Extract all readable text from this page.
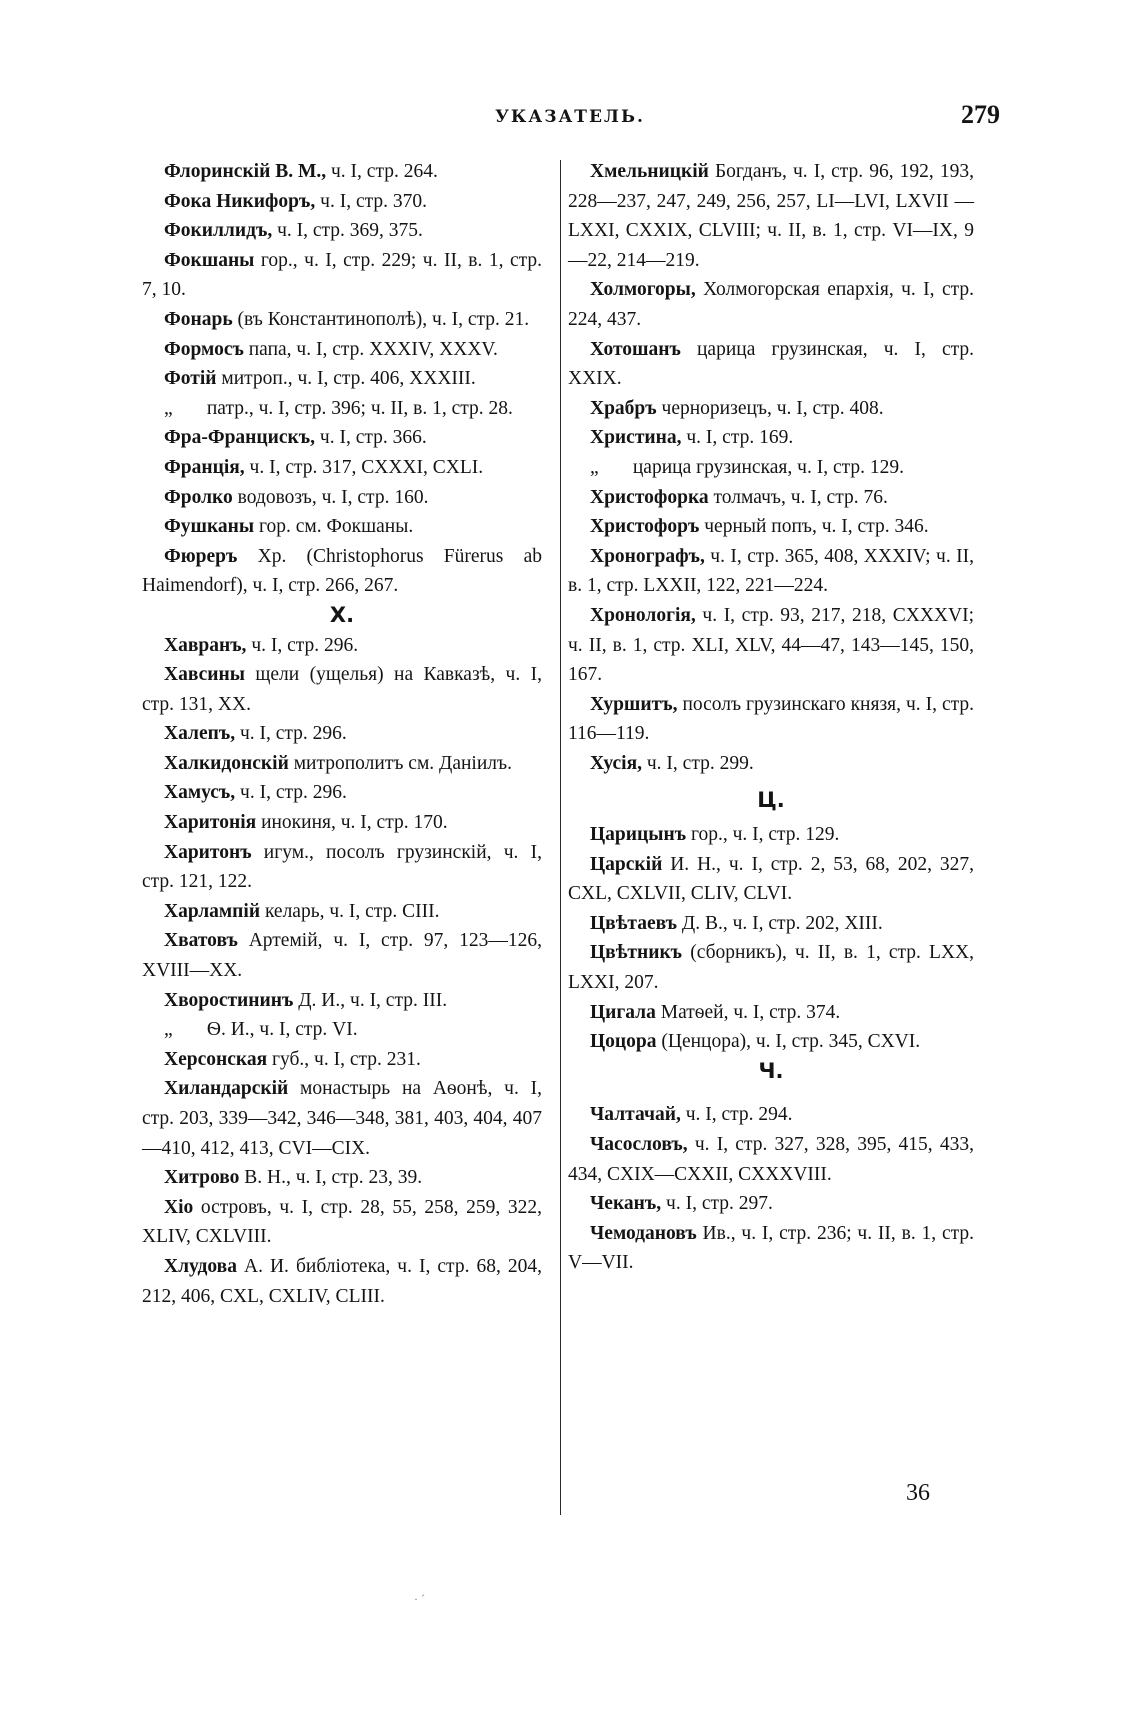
УКАЗАТЕЛЬ.	279
Флоринскій В. М., ч. I, стр. 264.
Фока Никифоръ, ч. I, стр. 370.
Фокиллидъ, ч. I, стр. 369, 375.
Фокшаны гор., ч. I, стр. 229; ч. II, в. 1, стр. 7, 10.
Фонарь (въ Константинополѣ), ч. I, стр. 21.
Формосъ папа, ч. I, стр. XXXIV, XXXV.
Фотій митроп., ч. I, стр. 406, XXXIII.
„ патр., ч. I, стр. 396; ч. II, в. 1, стр. 28.
Фра-Францискъ, ч. I, стр. 366.
Франція, ч. I, стр. 317, CXXXI, CXLI.
Фролко водовозъ, ч. I, стр. 160.
Фушканы гор. см. Фокшаны.
Фюреръ Хр. (Christophorus Fürerus ab Haimendorf), ч. I, стр. 266, 267.
X.
Хавранъ, ч. I, стр. 296.
Хавсины щели (ущелья) на Кавказѣ, ч. I, стр. 131, XX.
Халепъ, ч. I, стр. 296.
Халкидонскій митрополитъ см. Даніилъ.
Хамусъ, ч. I, стр. 296.
Харитонія инокиня, ч. I, стр. 170.
Харитонъ игум., посолъ грузинскій, ч. I, стр. 121, 122.
Харлампій келарь, ч. I, стр. CIII.
Хватовъ Артемій, ч. I, стр. 97, 123—126, XVIII—XX.
Хворостининъ Д. И., ч. I, стр. III.
„ Ѳ. И., ч. I, стр. VI.
Херсонская губ., ч. I, стр. 231.
Хиландарскій монастырь на Аѳонѣ, ч. I, стр. 203, 339—342, 346—348, 381, 403, 404, 407—410, 412, 413, CVI—CIX.
Хитрово В. Н., ч. I, стр. 23, 39.
Хіо островъ, ч. I, стр. 28, 55, 258, 259, 322, XLIV, CXLVIII.
Хлудова А. И. библіотека, ч. I, стр. 68, 204, 212, 406, CXL, CXLIV, CLIII.
Хмельницкій Богданъ, ч. I, стр. 96, 192, 193, 228—237, 247, 249, 256, 257, LI—LVI, LXVII — LXXI, CXXIX, CLVIII; ч. II, в. 1, стр. VI—IX, 9—22, 214—219.
Холмогоры, Холмогорская епархія, ч. I, стр. 224, 437.
Хотошанъ царица грузинская, ч. I, стр. XXIX.
Храбръ черноризецъ, ч. I, стр. 408.
Христина, ч. I, стр. 169.
„ царица грузинская, ч. I, стр. 129.
Христофорка толмачъ, ч. I, стр. 76.
Христофоръ черный попъ, ч. I, стр. 346.
Хронографъ, ч. I, стр. 365, 408, XXXIV; ч. II, в. 1, стр. LXXII, 122, 221—224.
Хронологія, ч. I, стр. 93, 217, 218, CXXXVI; ч. II, в. 1, стр. XLI, XLV, 44—47, 143—145, 150, 167.
Хуршитъ, посолъ грузинскаго князя, ч. I, стр. 116—119.
Хусія, ч. I, стр. 299.
Ц.
Царицынъ гор., ч. I, стр. 129.
Царскій И. Н., ч. I, стр. 2, 53, 68, 202, 327, CXL, CXLVII, CLIV, CLVI.
Цвѣтаевъ Д. В., ч. I, стр. 202, XIII.
Цвѣтникъ (сборникъ), ч. II, в. 1, стр. LXX, LXXI, 207.
Цигала Матѳей, ч. I, стр. 374.
Цоцора (Ценцора), ч. I, стр. 345, CXVI.
Ч.
Чалтачай, ч. I, стр. 294.
Часословъ, ч. I, стр. 327, 328, 395, 415, 433, 434, CXIX—CXXII, CXXXVIII.
Чеканъ, ч. I, стр. 297.
Чемодановъ Ив., ч. I, стр. 236; ч. II, в. 1, стр. V—VII.
36
· ˊ
